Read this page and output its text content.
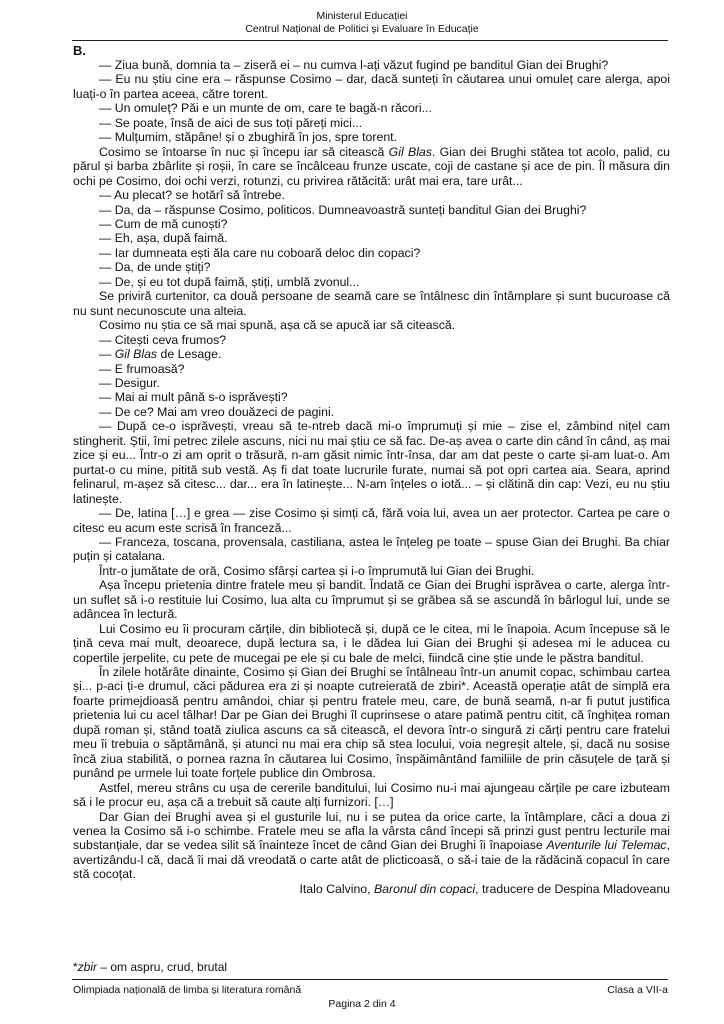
Ministerul Educației
Centrul Național de Politici și Evaluare în Educație
B.

— Ziua bună, domnia ta – ziseră ei – nu cumva l-ați văzut fugind pe banditul Gian dei Brughi?

— Eu nu știu cine era – răspunse Cosimo – dar, dacă sunteți în căutarea unui omuleț care alerga, apoi luați-o în partea aceea, către torent.

— Un omuleț? Păi e un munte de om, care te bagă-n răcori...

— Se poate, însă de aici de sus toți păreți mici...

— Mulțumim, stăpâne! și o zbughiră în jos, spre torent.

Cosimo se întoarse în nuc și începu iar să citească Gil Blas. Gian dei Brughi stătea tot acolo, palid, cu părul și barba zbârlite și roșii, în care se încâlceau frunze uscate, coji de castane și ace de pin. Îl măsura din ochi pe Cosimo, doi ochi verzi, rotunzi, cu privirea rătăcită: urât mai era, tare urât...

— Au plecat? se hotărî să întrebe.

— Da, da – răspunse Cosimo, politicos. Dumneavoastră sunteți banditul Gian dei Brughi?

— Cum de mă cunoști?

— Eh, așa, după faimă.

— Iar dumneata ești ăla care nu coboară deloc din copaci?

— Da, de unde știți?

— De, și eu tot după faimă, știți, umblă zvonul...

Se priviră curtenitor, ca două persoane de seamă care se întâlnesc din întâmplare și sunt bucuroase că nu sunt necunoscute una alteia.

Cosimo nu știa ce să mai spună, așa că se apucă iar să citească.

— Citești ceva frumos?

— Gil Blas de Lesage.

— E frumoasă?

— Desigur.

— Mai ai mult până s-o isprăvești?

— De ce? Mai am vreo douăzeci de pagini.

— După ce-o isprăvești, vreau să te-ntreb dacă mi-o împrumuți și mie – zise el, zâmbind nițel cam stingherit. Știi, îmi petrec zilele ascuns, nici nu mai știu ce să fac. De-aș avea o carte din când în când, aș mai zice și eu... Într-o zi am oprit o trăsură, n-am găsit nimic într-însa, dar am dat peste o carte și-am luat-o. Am purtat-o cu mine, pitită sub vestă. Aș fi dat toate lucrurile furate, numai să pot opri cartea aia. Seara, aprind felinarul, m-așez să citesc... dar... era în latinește... N-am înțeles o iotă... – și clătină din cap: Vezi, eu nu știu latinește.

— De, latina […] e grea — zise Cosimo și simți că, fără voia lui, avea un aer protector. Cartea pe care o citesc eu acum este scrisă în franceză...

— Franceza, toscana, provensala, castiliana, astea le înțeleg pe toate – spuse Gian dei Brughi. Ba chiar puțin și catalana.

Într-o jumătate de oră, Cosimo sfârși cartea și i-o împrumută lui Gian dei Brughi.

Așa începu prietenia dintre fratele meu și bandit. Îndată ce Gian dei Brughi isprăvea o carte, alerga într-un suflet să i-o restituie lui Cosimo, lua alta cu împrumut și se grăbea să se ascundă în bârlogul lui, unde se adâncea în lectură.

Lui Cosimo eu îi procuram cărțile, din bibliotecă și, după ce le citea, mi le înapoia. Acum începuse să le țină ceva mai mult, deoarece, după lectura sa, i le dădea lui Gian dei Brughi și adesea mi le aducea cu copertile jerpelite, cu pete de mucegai pe ele și cu bale de melci, fiindcă cine știe unde le păstra banditul.

În zilele hotărâte dinainte, Cosimo și Gian dei Brughi se întâlneau într-un anumit copac, schimbau cartea și... p-aci ți-e drumul, căci pădurea era zi și noapte cutreierată de zbiri*. Această operație atât de simplă era foarte primejdioasă pentru amândoi, chiar și pentru fratele meu, care, de bună seamă, n-ar fi putut justifica prietenia lui cu acel tâlhar! Dar pe Gian dei Brughi îl cuprinsese o atare patimă pentru citit, că înghițea roman după roman și, stând toată ziulica ascuns ca să citească, el devora într-o singură zi cărți pentru care fratelui meu îi trebuia o săptămână, și atunci nu mai era chip să stea locului, voia negreșit altele, și, dacă nu sosise încă ziua stabilită, o pornea razna în căutarea lui Cosimo, înspăimântând familiile de prin căsuțele de țară și punând pe urmele lui toate forțele publice din Ombrosa.

Astfel, mereu strâns cu ușa de cererile banditului, lui Cosimo nu-i mai ajungeau cărțile pe care izbuteam să i le procur eu, așa că a trebuit să caute alți furnizori. […]

Dar Gian dei Brughi avea și el gusturile lui, nu i se putea da orice carte, la întâmplare, căci a doua zi venea la Cosimo să i-o schimbe. Fratele meu se afla la vârsta când începi să prinzi gust pentru lecturile mai substanțiale, dar se vedea silit să înainteze încet de când Gian dei Brughi îi înapoiase Aventurile lui Telemac, avertizându-l că, dacă îi mai dă vreodată o carte atât de plicticoasă, o să-i taie de la rădăcină copacul în care stă cocoțat.

Italo Calvino, Baronul din copaci, traducere de Despina Mladoveanu

*zbir – om aspru, crud, brutal
Olimpiada națională de limba și literatura română	Clasa a VII-a
Pagina 2 din 4
